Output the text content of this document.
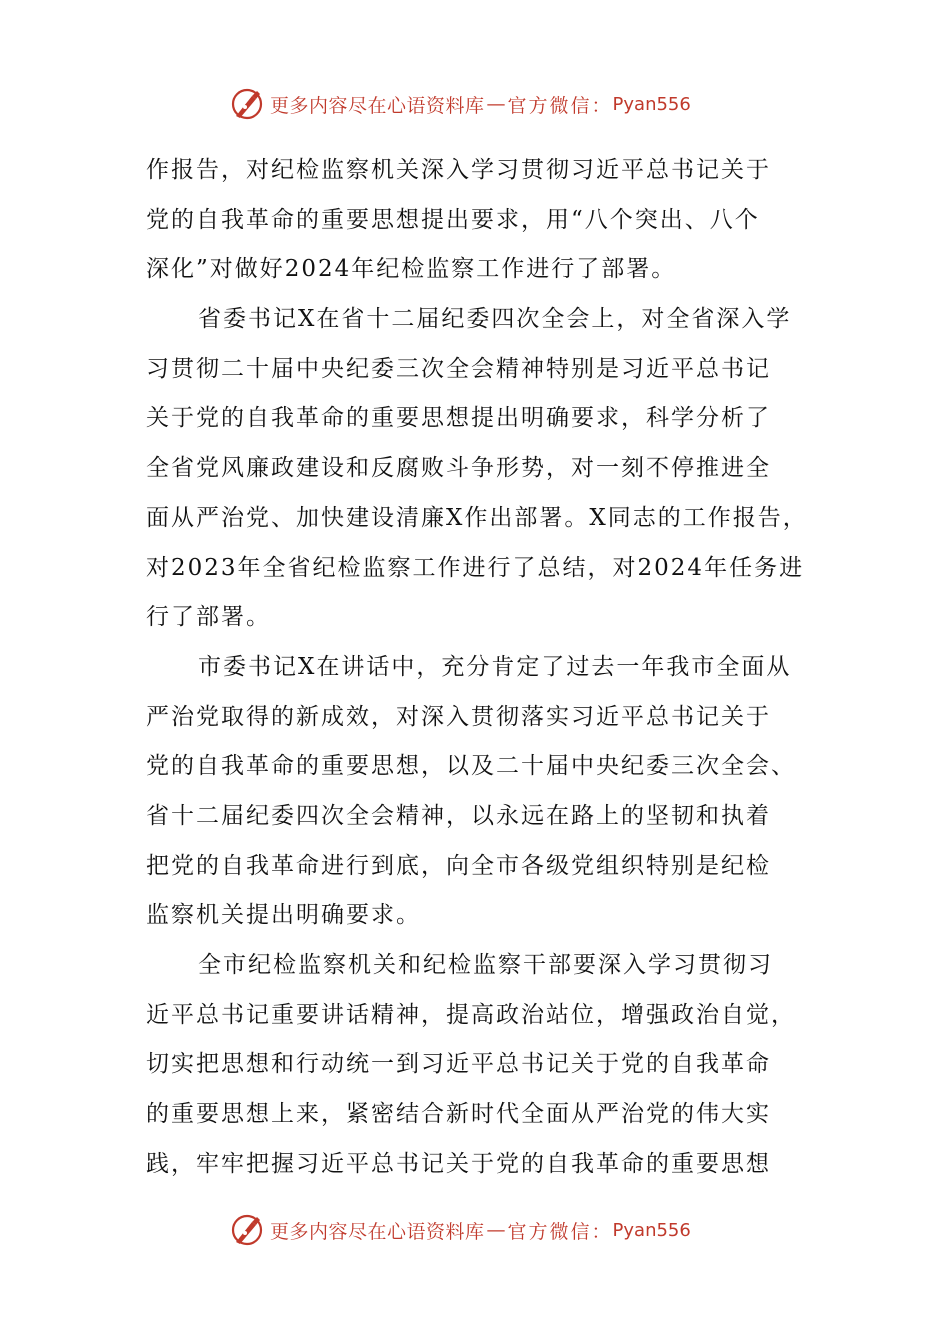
更多内容尽在心语资料库 — 官方微信： Pyan556
作报告，对纪检监察机关深入学习贯彻习近平总书记关于
党的自我革命的重要思想提出要求，用“八个突出、八个
深化”对做好2024年纪检监察工作进行了部署。
省委书记X在省十二届纪委四次全会上，对全省深入学
习贯彻二十届中央纪委三次全会精神特别是习近平总书记
关于党的自我革命的重要思想提出明确要求，科学分析了
全省党风廉政建设和反腐败斗争形势，对一刻不停推进全
面从严治党、加快建设清廉X作出部署。X同志的工作报告，
对2023年全省纪检监察工作进行了总结，对2024年任务进
行了部署。
市委书记X在讲话中，充分肯定了过去一年我市全面从
严治党取得的新成效，对深入贯彻落实习近平总书记关于
党的自我革命的重要思想，以及二十届中央纪委三次全会、
省十二届纪委四次全会精神，以永远在路上的坚韧和执着
把党的自我革命进行到底，向全市各级党组织特别是纪检
监察机关提出明确要求。
全市纪检监察机关和纪检监察干部要深入学习贯彻习
近平总书记重要讲话精神，提高政治站位，增强政治自觉，
切实把思想和行动统一到习近平总书记关于党的自我革命
的重要思想上来，紧密结合新时代全面从严治党的伟大实
践，牢牢把握习近平总书记关于党的自我革命的重要思想
更多内容尽在心语资料库 — 官方微信： Pyan556
